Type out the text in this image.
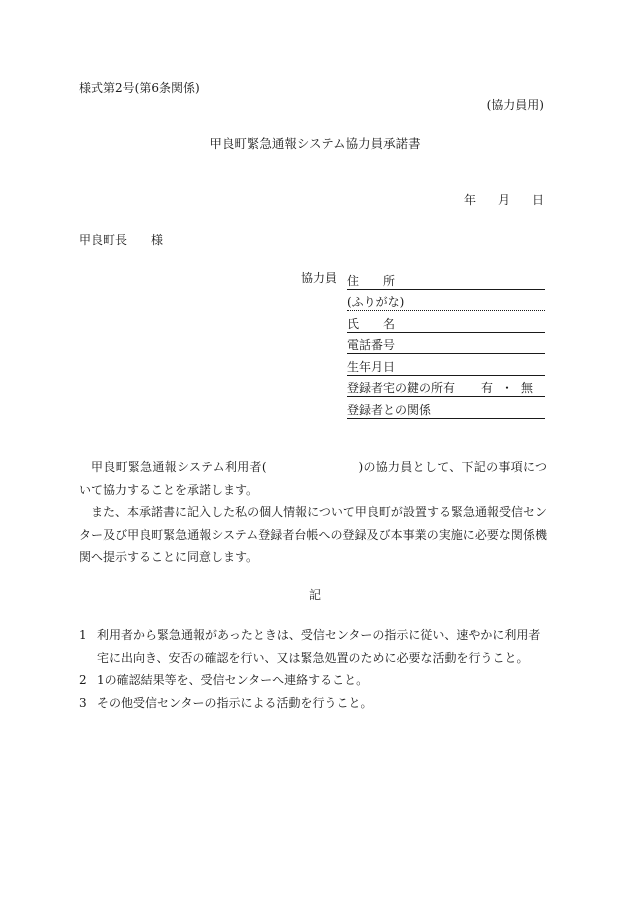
様式第2号(第6条関係)
(協力員用)
甲良町緊急通報システム協力員承諾書
年 月 日
甲良町長 様
協力員 住 所
(ふりがな)
氏 名
電話番号
生年月日
登録者宅の鍵の所有	有 ・ 無
登録者との関係

甲良町緊急通報システム利用者(	)の協力員として、下記の事項について協力することを承諾します。

また、本承諾書に記入した私の個人情報について甲良町が設置する緊急通報受信センター及び甲良町緊急通報システム登録者台帳への登録及び本事業の実施に必要な関係機関へ提示することに同意します。

記
1 利用者から緊急通報があったときは、受信センターの指示に従い、速やかに利用者宅に出向き、安否の確認を行い、又は緊急処置のために必要な活動を行うこと。
2 1の確認結果等を、受信センターへ連絡すること。
3 その他受信センターの指示による活動を行うこと。
